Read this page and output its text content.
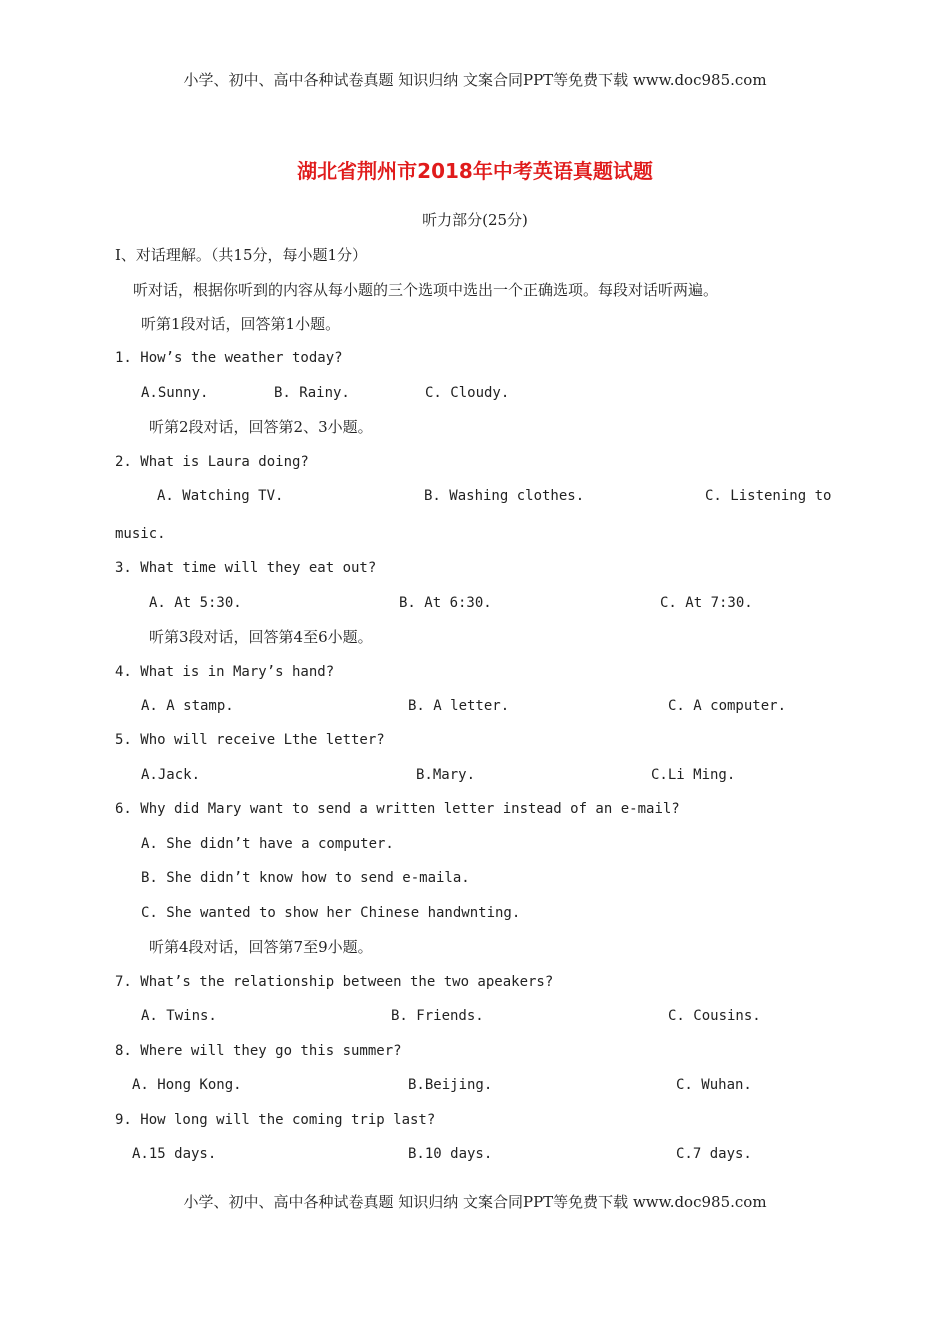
小学、初中、高中各种试卷真题 知识归纳 文案合同PPT等免费下载 www.doc985.com
湖北省荆州市2018年中考英语真题试题
听力部分(25分)
I、对话理解。（共15分，每小题1分）
听对话，根据你听到的内容从每小题的三个选项中选出一个正确选项。每段对话听两遍。
听第1段对话，回答第1小题。
1. How’s the weather today?
A.Sunny.	B. Rainy.	C. Cloudy.
听第2段对话，回答第2、3小题。
2. What is Laura doing?
A. Watching TV.	B. Washing clothes.	C. Listening to
music.
3. What time will they eat out?
A. At 5:30.	B. At 6:30.	C. At 7:30.
听第3段对话，回答第4至6小题。
4. What is in Mary’s hand?
A. A stamp.	B. A letter.	C. A computer.
5. Who will receive Lthe letter?
A.Jack.	B.Mary.	C.Li Ming.
6. Why did Mary want to send a written letter instead of an e-mail?
A. She didn’t have a computer.
B. She didn’t know how to send e-maila.
C. She wanted to show her Chinese handwnting.
听第4段对话，回答第7至9小题。
7. What’s the relationship between the two apeakers?
A. Twins.	B. Friends.	C. Cousins.
8. Where will they go this summer?
A. Hong Kong.	B.Beijing.	C. Wuhan.
9. How long will the coming trip last?
A.15 days.	B.10 days.	C.7 days.
小学、初中、高中各种试卷真题 知识归纳 文案合同PPT等免费下载 www.doc985.com
